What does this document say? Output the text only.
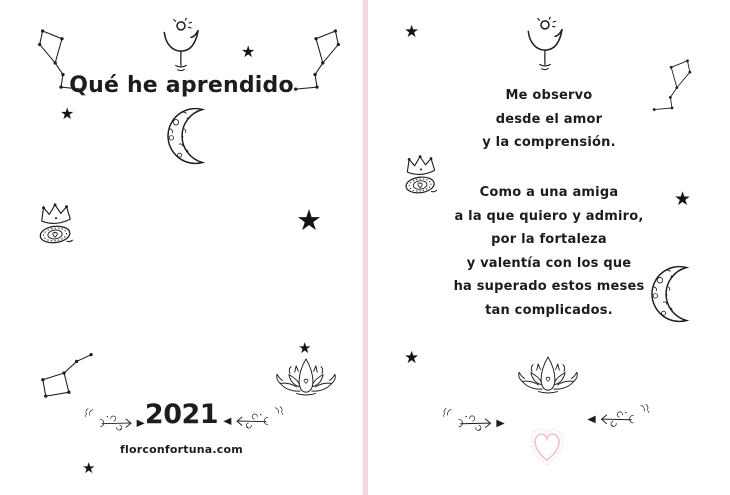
★
Qué he aprendido
★
★
★
2021
florconfortuna.com
★
★
Me observo
desde el amor
y la comprensión.
★
Como a una amiga
a la que quiero y admiro,
por la fortaleza
y valentía con los que
ha superado estos meses
tan complicados.
★
